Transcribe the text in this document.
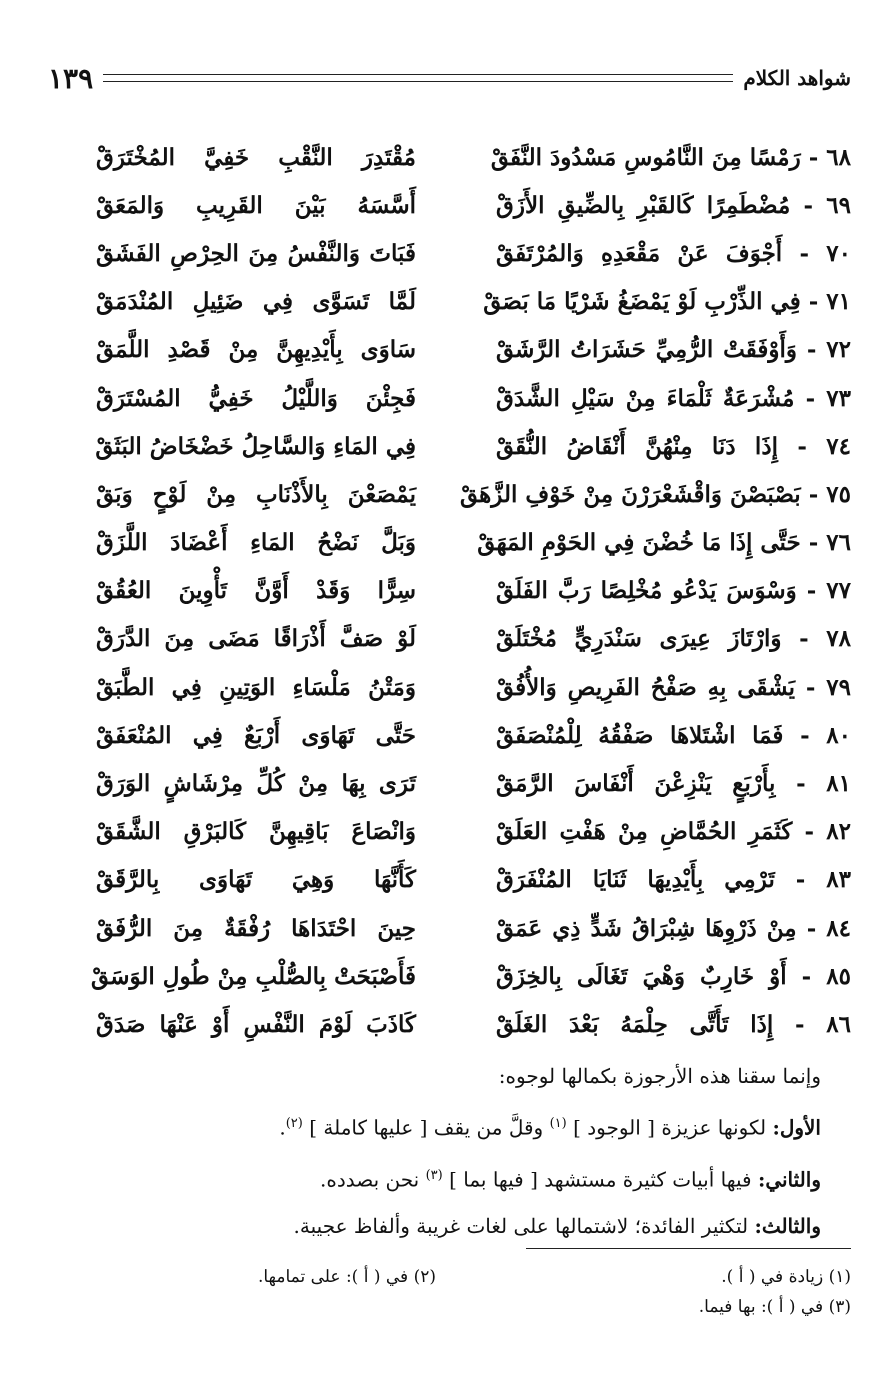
شواهد الكلام
١٣٩
٦٨ - رَمْسًا مِنَ النَّامُوسِ مَسْدُودَ النَّفَقْ
مُقْتَدِرَ النَّقْبِ خَفِيَّ المُخْتَرَقْ
٦٩ - مُضْطَمِرًا كَالقَبْرِ بِالضِّيقِ الأَزَقْ
أَسَّسَهُ بَيْنَ القَرِيبِ وَالمَعَقْ
٧٠ - أَجْوَفَ عَنْ مَقْعَدِهِ وَالمُرْتَفَقْ
فَبَاتَ وَالنَّفْسُ مِنَ الحِرْصِ الفَشَقْ
٧١ - فِي الذِّرْبِ لَوْ يَمْضَغُ شَرْيًا مَا بَصَقْ
لَمَّا تَسَوَّى فِي ضَئِيلِ المُنْدَمَقْ
٧٢ - وَأَوْفَقَتْ الرُّمِيِّ حَشَرَاتُ الرَّشَقْ
سَاوَى بِأَيْدِيهِنَّ مِنْ قَصْدِ اللَّمَقْ
٧٣ - مُشْرَعَةٌ ثَلْمَاءَ مِنْ سَيْلِ الشَّدَقْ
فَجِئْنَ وَاللَّيْلُ خَفِيُّ المُسْتَرَقْ
٧٤ - إِذَا دَنَا مِنْهُنَّ أَنْقَاضُ النُّقَقْ
فِي المَاءِ وَالسَّاحِلُ خَضْخَاضُ البَثَقْ
٧٥ - بَصْبَصْنَ وَاقْشَعْرَرْنَ مِنْ خَوْفِ الزَّهَقْ
يَمْصَعْنَ بِالأَذْنَابِ مِنْ لَوْحٍ وَبَقْ
٧٦ - حَتَّى إِذَا مَا خُضْنَ فِي الحَوْمِ المَهَقْ
وَبَلَّ نَضْحُ المَاءِ أَعْضَادَ اللَّزَقْ
٧٧ - وَسْوَسَ يَدْعُو مُخْلِصًا رَبَّ الفَلَقْ
سِرًّا وَقَدْ أَوَّنَّ تَأْوِينَ العُقُقْ
٧٨ - وَارْتَازَ عِيرَى سَنْدَرِيٍّ مُخْتَلَقْ
لَوْ صَفَّ أَذْرَاقًا مَضَى مِنَ الدَّرَقْ
٧٩ - يَشْقَى بِهِ صَفْحُ الفَرِيصِ وَالأُفُقْ
وَمَتْنُ مَلْسَاءِ الوَتِينِ فِي الطَّبَقْ
٨٠ - فَمَا اشْتَلاهَا صَفْقُهُ لِلْمُنْصَفَقْ
حَتَّى تَهَاوَى أَرْبَعٌ فِي المُنْعَفَقْ
٨١ - بِأَرْبَعٍ يَنْزِعْنَ أَنْفَاسَ الرَّمَقْ
تَرَى بِهَا مِنْ كُلِّ مِرْشَاشٍ الوَرَقْ
٨٢ - كَثَمَرِ الحُمَّاضِ مِنْ هَفْتِ العَلَقْ
وَانْصَاعَ بَاقِيهِنَّ كَالبَرْقِ الشَّقَقْ
٨٣ - تَرْمِي بِأَيْدِيهَا ثَنَايَا المُنْفَرَقْ
كَأَنَّهَا وَهِيَ تَهَاوَى بِالرَّقَقْ
٨٤ - مِنْ ذَرْوِهَا شِبْرَاقُ شَدٍّ ذِي عَمَقْ
حِينَ احْتَدَاهَا رُفْقَةٌ مِنَ الرُّفَقْ
٨٥ - أَوْ خَارِبٌ وَهْيَ تَغَالَى بِالخِزَقْ
فَأَصْبَحَتْ بِالصُّلْبِ مِنْ طُولِ الوَسَقْ
٨٦ - إِذَا تَأَتَّى حِلْمَهُ بَعْدَ الغَلَقْ
كَاذَبَ لَوْمَ النَّفْسِ أَوْ عَنْهَا صَدَقْ

وإنما سقنا هذه الأرجوزة بكمالها لوجوه:

الأول: لكونها عزيزة [ الوجود ] $^{(١)}$ وقلَّ من يقف [ عليها كاملة ] $^{(٢)}$.

والثاني: فيها أبيات كثيرة مستشهد [ فيها بما ] $^{(٣)}$ نحن بصدده.

والثالث: لتكثير الفائدة؛ لاشتمالها على لغات غريبة وألفاظ عجيبة.

(١) زيادة في ( أ ).
(٢) في ( أ ): على تمامها.
(٣) في ( أ ): بها فيما.
